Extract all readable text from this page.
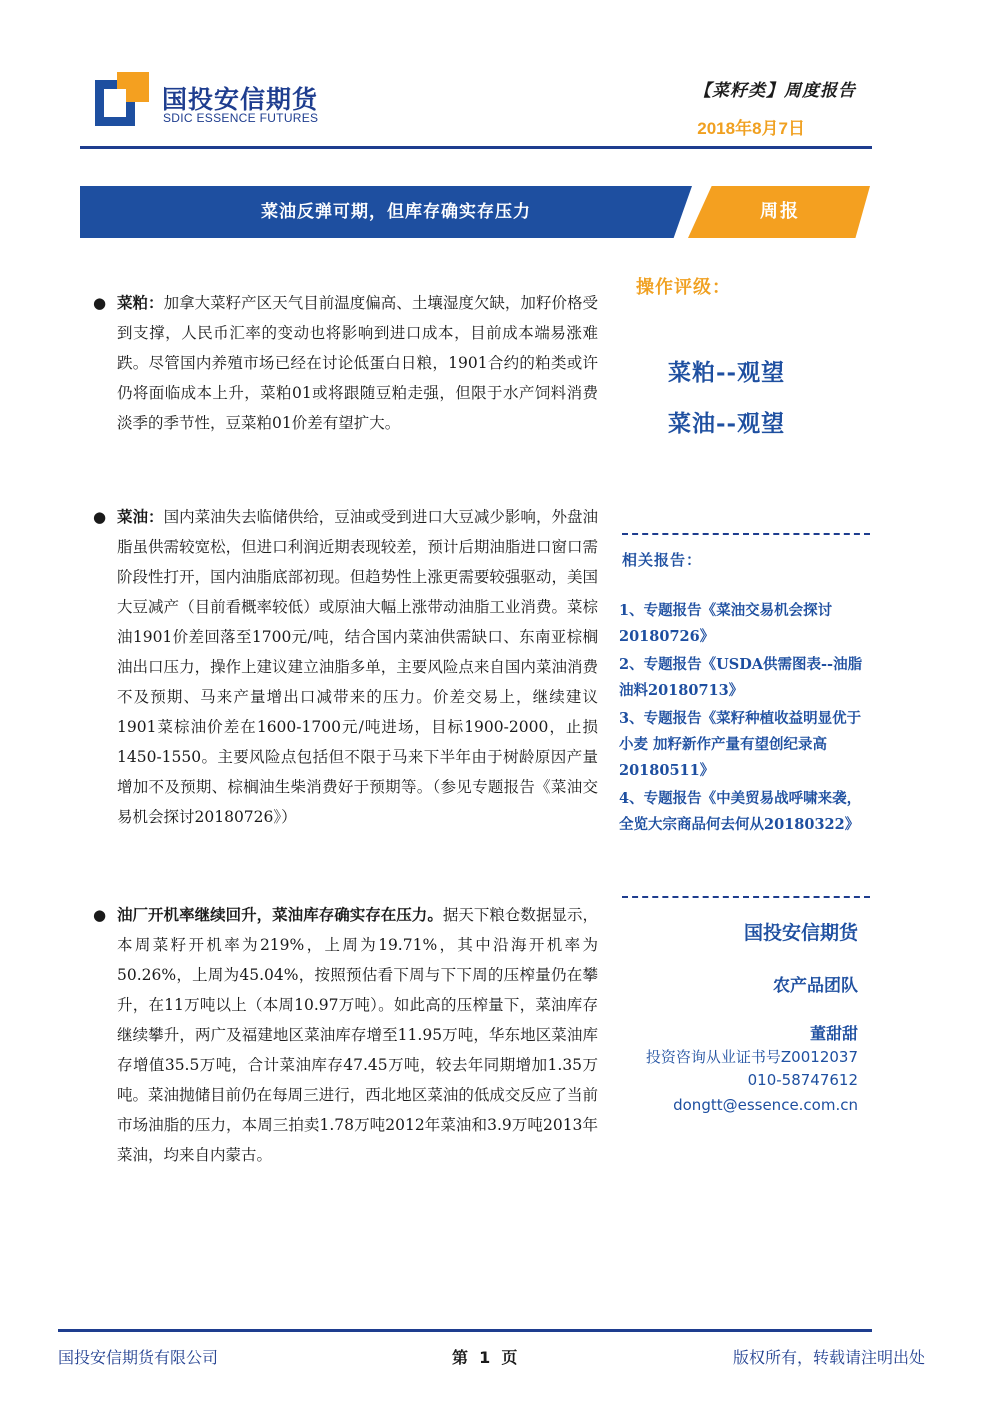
国投安信期货
SDIC ESSENCE FUTURES
【菜籽类】周度报告
2018年8月7日
菜油反弹可期，但库存确实存压力	周报
● 菜粕：加拿大菜籽产区天气目前温度偏高、土壤湿度欠缺，加籽价格受到支撑，人民币汇率的变动也将影响到进口成本，目前成本端易涨难跌。尽管国内养殖市场已经在讨论低蛋白日粮，1901合约的粕类或许仍将面临成本上升，菜粕01或将跟随豆粕走强，但限于水产饲料消费淡季的季节性，豆菜粕01价差有望扩大。
● 菜油：国内菜油失去临储供给，豆油或受到进口大豆减少影响，外盘油脂虽供需较宽松，但进口利润近期表现较差，预计后期油脂进口窗口需阶段性打开，国内油脂底部初现。但趋势性上涨更需要较强驱动，美国大豆减产（目前看概率较低）或原油大幅上涨带动油脂工业消费。菜棕油1901价差回落至1700元/吨，结合国内菜油供需缺口、东南亚棕榈油出口压力，操作上建议建立油脂多单，主要风险点来自国内菜油消费不及预期、马来产量增出口减带来的压力。价差交易上，继续建议1901菜棕油价差在1600-1700元/吨进场，目标1900-2000，止损1450-1550。主要风险点包括但不限于马来下半年由于树龄原因产量增加不及预期、棕榈油生柴消费好于预期等。（参见专题报告《菜油交易机会探讨20180726》）
● 油厂开机率继续回升，菜油库存确实存在压力。据天下粮仓数据显示，本周菜籽开机率为219%，上周为19.71%，其中沿海开机率为50.26%，上周为45.04%，按照预估看下周与下下周的压榨量仍在攀升，在11万吨以上（本周10.97万吨）。如此高的压榨量下，菜油库存继续攀升，两广及福建地区菜油库存增至11.95万吨，华东地区菜油库存增值35.5万吨，合计菜油库存47.45万吨，较去年同期增加1.35万吨。菜油抛储目前仍在每周三进行，西北地区菜油的低成交反应了当前市场油脂的压力，本周三拍卖1.78万吨2012年菜油和3.9万吨2013年菜油，均来自内蒙古。
操作评级：
菜粕--观望
菜油--观望
相关报告：
1、专题报告《菜油交易机会探讨20180726》
2、专题报告《USDA供需图表--油脂油料20180713》
3、专题报告《菜籽种植收益明显优于小麦 加籽新作产量有望创纪录高20180511》
4、专题报告《中美贸易战呼啸来袭，全览大宗商品何去何从20180322》
国投安信期货
农产品团队
董甜甜
投资咨询从业证书号Z0012037
010-58747612
dongtt@essence.com.cn
国投安信期货有限公司	第  1  页	版权所有，转载请注明出处
